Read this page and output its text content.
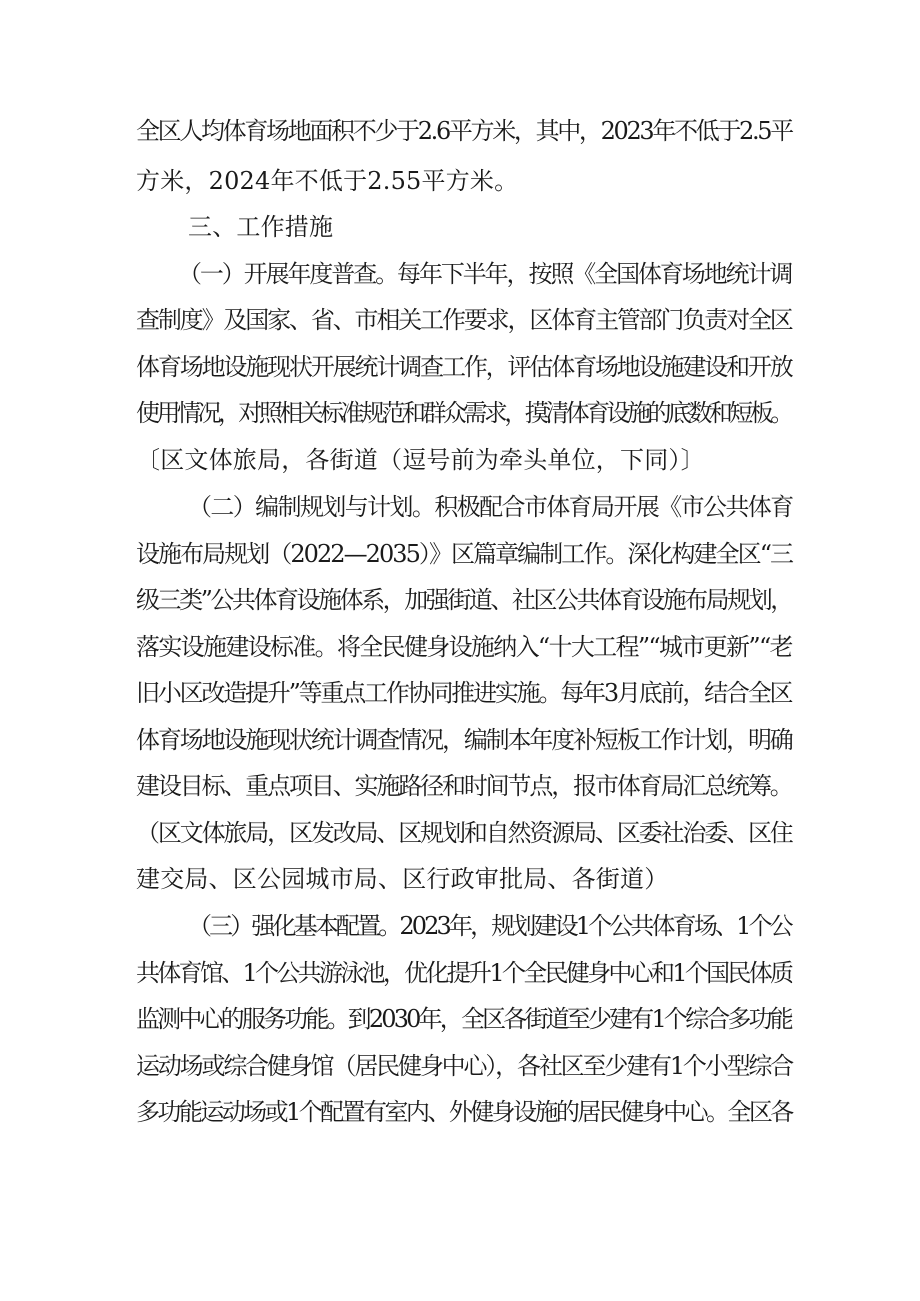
全区人均体育场地面积不少于2.6平方米，其中，2023年不低于2.5平
方米，2024年不低于2.55平方米。
三、工作措施
（一）开展年度普查。每年下半年，按照《全国体育场地统计调
查制度》及国家、省、市相关工作要求，区体育主管部门负责对全区
体育场地设施现状开展统计调查工作，评估体育场地设施建设和开放
使用情况，对照相关标准规范和群众需求，摸清体育设施的底数和短板。
〔区文体旅局，各街道（逗号前为牵头单位，下同）〕
（二）编制规划与计划。积极配合市体育局开展《市公共体育
设施布局规划（2022—2035）》区篇章编制工作。深化构建全区“三
级三类”公共体育设施体系，加强街道、社区公共体育设施布局规划，
落实设施建设标准。将全民健身设施纳入“十大工程”“城市更新”“老
旧小区改造提升”等重点工作协同推进实施。每年3月底前，结合全区
体育场地设施现状统计调查情况，编制本年度补短板工作计划，明确
建设目标、重点项目、实施路径和时间节点，报市体育局汇总统筹。
（区文体旅局，区发改局、区规划和自然资源局、区委社治委、区住
建交局、区公园城市局、区行政审批局、各街道）
（三）强化基本配置。2023年，规划建设1个公共体育场、1个公
共体育馆、1个公共游泳池，优化提升1个全民健身中心和1个国民体质
监测中心的服务功能。到2030年，全区各街道至少建有1个综合多功能
运动场或综合健身馆（居民健身中心），各社区至少建有1个小型综合
多功能运动场或1个配置有室内、外健身设施的居民健身中心。全区各
